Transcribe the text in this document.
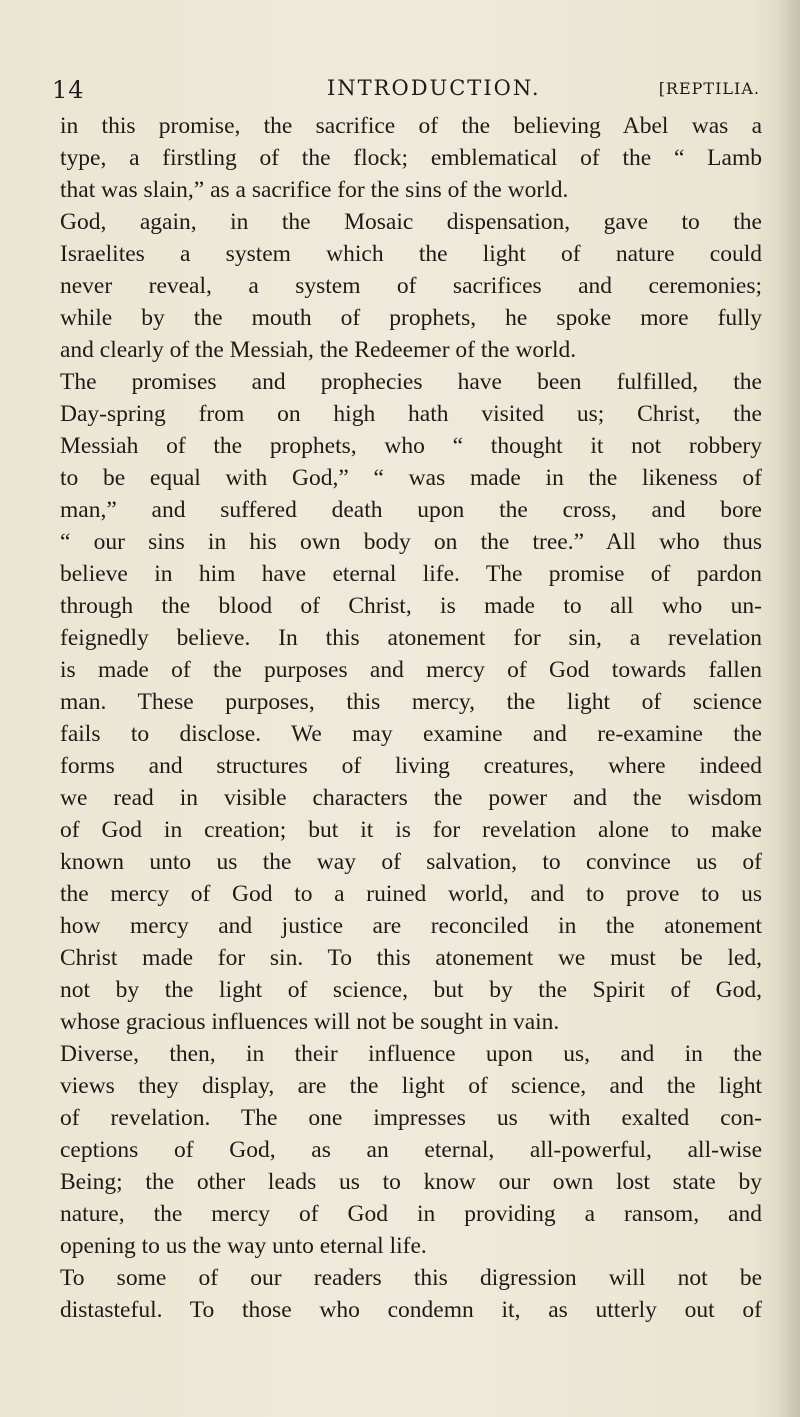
14	INTRODUCTION.	[REPTILIA.
in this promise, the sacrifice of the believing Abel was a
type, a firstling of the flock; emblematical of the “ Lamb
that was slain,” as a sacrifice for the sins of the world.
God, again, in the Mosaic dispensation, gave to the
Israelites a system which the light of nature could
never reveal, a system of sacrifices and ceremonies;
while by the mouth of prophets, he spoke more fully
and clearly of the Messiah, the Redeemer of the world.
The promises and prophecies have been fulfilled, the
Day-spring from on high hath visited us; Christ, the
Messiah of the prophets, who “ thought it not robbery
to be equal with God,” “ was made in the likeness of
man,” and suffered death upon the cross, and bore
“ our sins in his own body on the tree.” All who thus
believe in him have eternal life. The promise of pardon
through the blood of Christ, is made to all who un-
feignedly believe. In this atonement for sin, a revelation
is made of the purposes and mercy of God towards fallen
man. These purposes, this mercy, the light of science
fails to disclose. We may examine and re-examine the
forms and structures of living creatures, where indeed
we read in visible characters the power and the wisdom
of God in creation; but it is for revelation alone to make
known unto us the way of salvation, to convince us of
the mercy of God to a ruined world, and to prove to us
how mercy and justice are reconciled in the atonement
Christ made for sin. To this atonement we must be led,
not by the light of science, but by the Spirit of God,
whose gracious influences will not be sought in vain.
Diverse, then, in their influence upon us, and in the
views they display, are the light of science, and the light
of revelation. The one impresses us with exalted con-
ceptions of God, as an eternal, all-powerful, all-wise
Being; the other leads us to know our own lost state by
nature, the mercy of God in providing a ransom, and
opening to us the way unto eternal life.
To some of our readers this digression will not be
distasteful. To those who condemn it, as utterly out of
